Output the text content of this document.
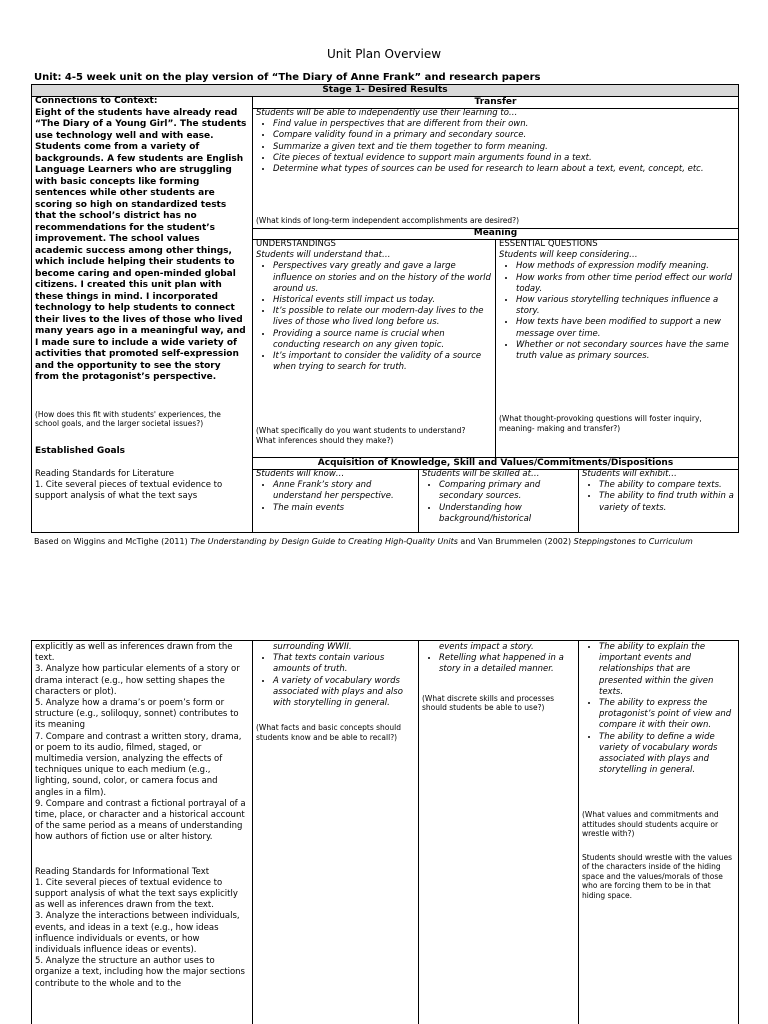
Unit Plan Overview
Unit: 4-5 week unit on the play version of “The Diary of Anne Frank” and research papers
Stage 1- Desired Results
Connections to Context:
Eight of the students have already read “The Diary of a Young Girl”. The students use technology well and with ease. Students come from a variety of backgrounds. A few students are English Language Learners who are struggling with basic concepts like forming sentences while other students are scoring so high on standardized tests that the school’s district has no recommendations for the student’s improvement. The school values academic success among other things, which include helping their students to become caring and open-minded global citizens. I created this unit plan with these things in mind. I incorporated technology to help students to connect their lives to the lives of those who lived many years ago in a meaningful way, and I made sure to include a wide variety of activities that promoted self-expression and the opportunity to see the story from the protagonist’s perspective.
(How does this fit with students' experiences, the school goals, and the larger societal issues?)
Established Goals
Reading Standards for Literature
1. Cite several pieces of textual evidence to support analysis of what the text says
Transfer
Students will be able to independently use their learning to…
• Find value in perspectives that are different from their own.
• Compare validity found in a primary and secondary source.
• Summarize a given text and tie them together to form meaning.
• Cite pieces of textual evidence to support main arguments found in a text.
• Determine what types of sources can be used for research to learn about a text, event, concept, etc.
(What kinds of long-term independent accomplishments are desired?)
Meaning
UNDERSTANDINGS
Students will understand that…
• Perspectives vary greatly and gave a large influence on stories and on the history of the world around us.
• Historical events still impact us today.
• It’s possible to relate our modern-day lives to the lives of those who lived long before us.
• Providing a source name is crucial when conducting research on any given topic.
• It’s important to consider the validity of a source when trying to search for truth.
(What specifically do you want students to understand?
What inferences should they make?)
ESSENTIAL QUESTIONS
Students will keep considering…
• How methods of expression modify meaning.
• How works from other time period effect our world today.
• How various storytelling techniques influence a story.
• How texts have been modified to support a new message over time.
• Whether or not secondary sources have the same truth value as primary sources.
(What thought-provoking questions will foster inquiry, meaning- making and transfer?)
Acquisition of Knowledge, Skill and Values/Commitments/Dispositions
Students will know…
• Anne Frank’s story and understand her perspective.
• The main events
Students will be skilled at…
• Comparing primary and secondary sources.
• Understanding how background/historical
Students will exhibit…
• The ability to compare texts.
• The ability to find truth within a variety of texts.
Based on Wiggins and McTighe (2011) The Understanding by Design Guide to Creating High-Quality Units and Van Brummelen (2002) Steppingstones to Curriculum
explicitly as well as inferences drawn from the text.
3. Analyze how particular elements of a story or drama interact (e.g., how setting shapes the characters or plot).
5. Analyze how a drama’s or poem’s form or structure (e.g., soliloquy, sonnet) contributes to its meaning
7. Compare and contrast a written story, drama, or poem to its audio, filmed, staged, or multimedia version, analyzing the effects of techniques unique to each medium (e.g., lighting, sound, color, or camera focus and angles in a film).
9. Compare and contrast a fictional portrayal of a time, place, or character and a historical account of the same period as a means of understanding how authors of fiction use or alter history.
Reading Standards for Informational Text
1. Cite several pieces of textual evidence to support analysis of what the text says explicitly as well as inferences drawn from the text.
3. Analyze the interactions between individuals, events, and ideas in a text (e.g., how ideas influence individuals or events, or how individuals influence ideas or events).
5. Analyze the structure an author uses to organize a text, including how the major sections contribute to the whole and to the
surrounding WWII.
• That texts contain various amounts of truth.
• A variety of vocabulary words associated with plays and also with storytelling in general.
(What facts and basic concepts should students know and be able to recall?)
events impact a story.
• Retelling what happened in a story in a detailed manner.
(What discrete skills and processes should students be able to use?)
• The ability to explain the important events and relationships that are presented within the given texts.
• The ability to express the protagonist’s point of view and compare it with their own.
• The ability to define a wide variety of vocabulary words associated with plays and storytelling in general.
(What values and commitments and attitudes should students acquire or wrestle with?)
Students should wrestle with the values of the characters inside of the hiding space and the values/morals of those who are forcing them to be in that hiding space.
